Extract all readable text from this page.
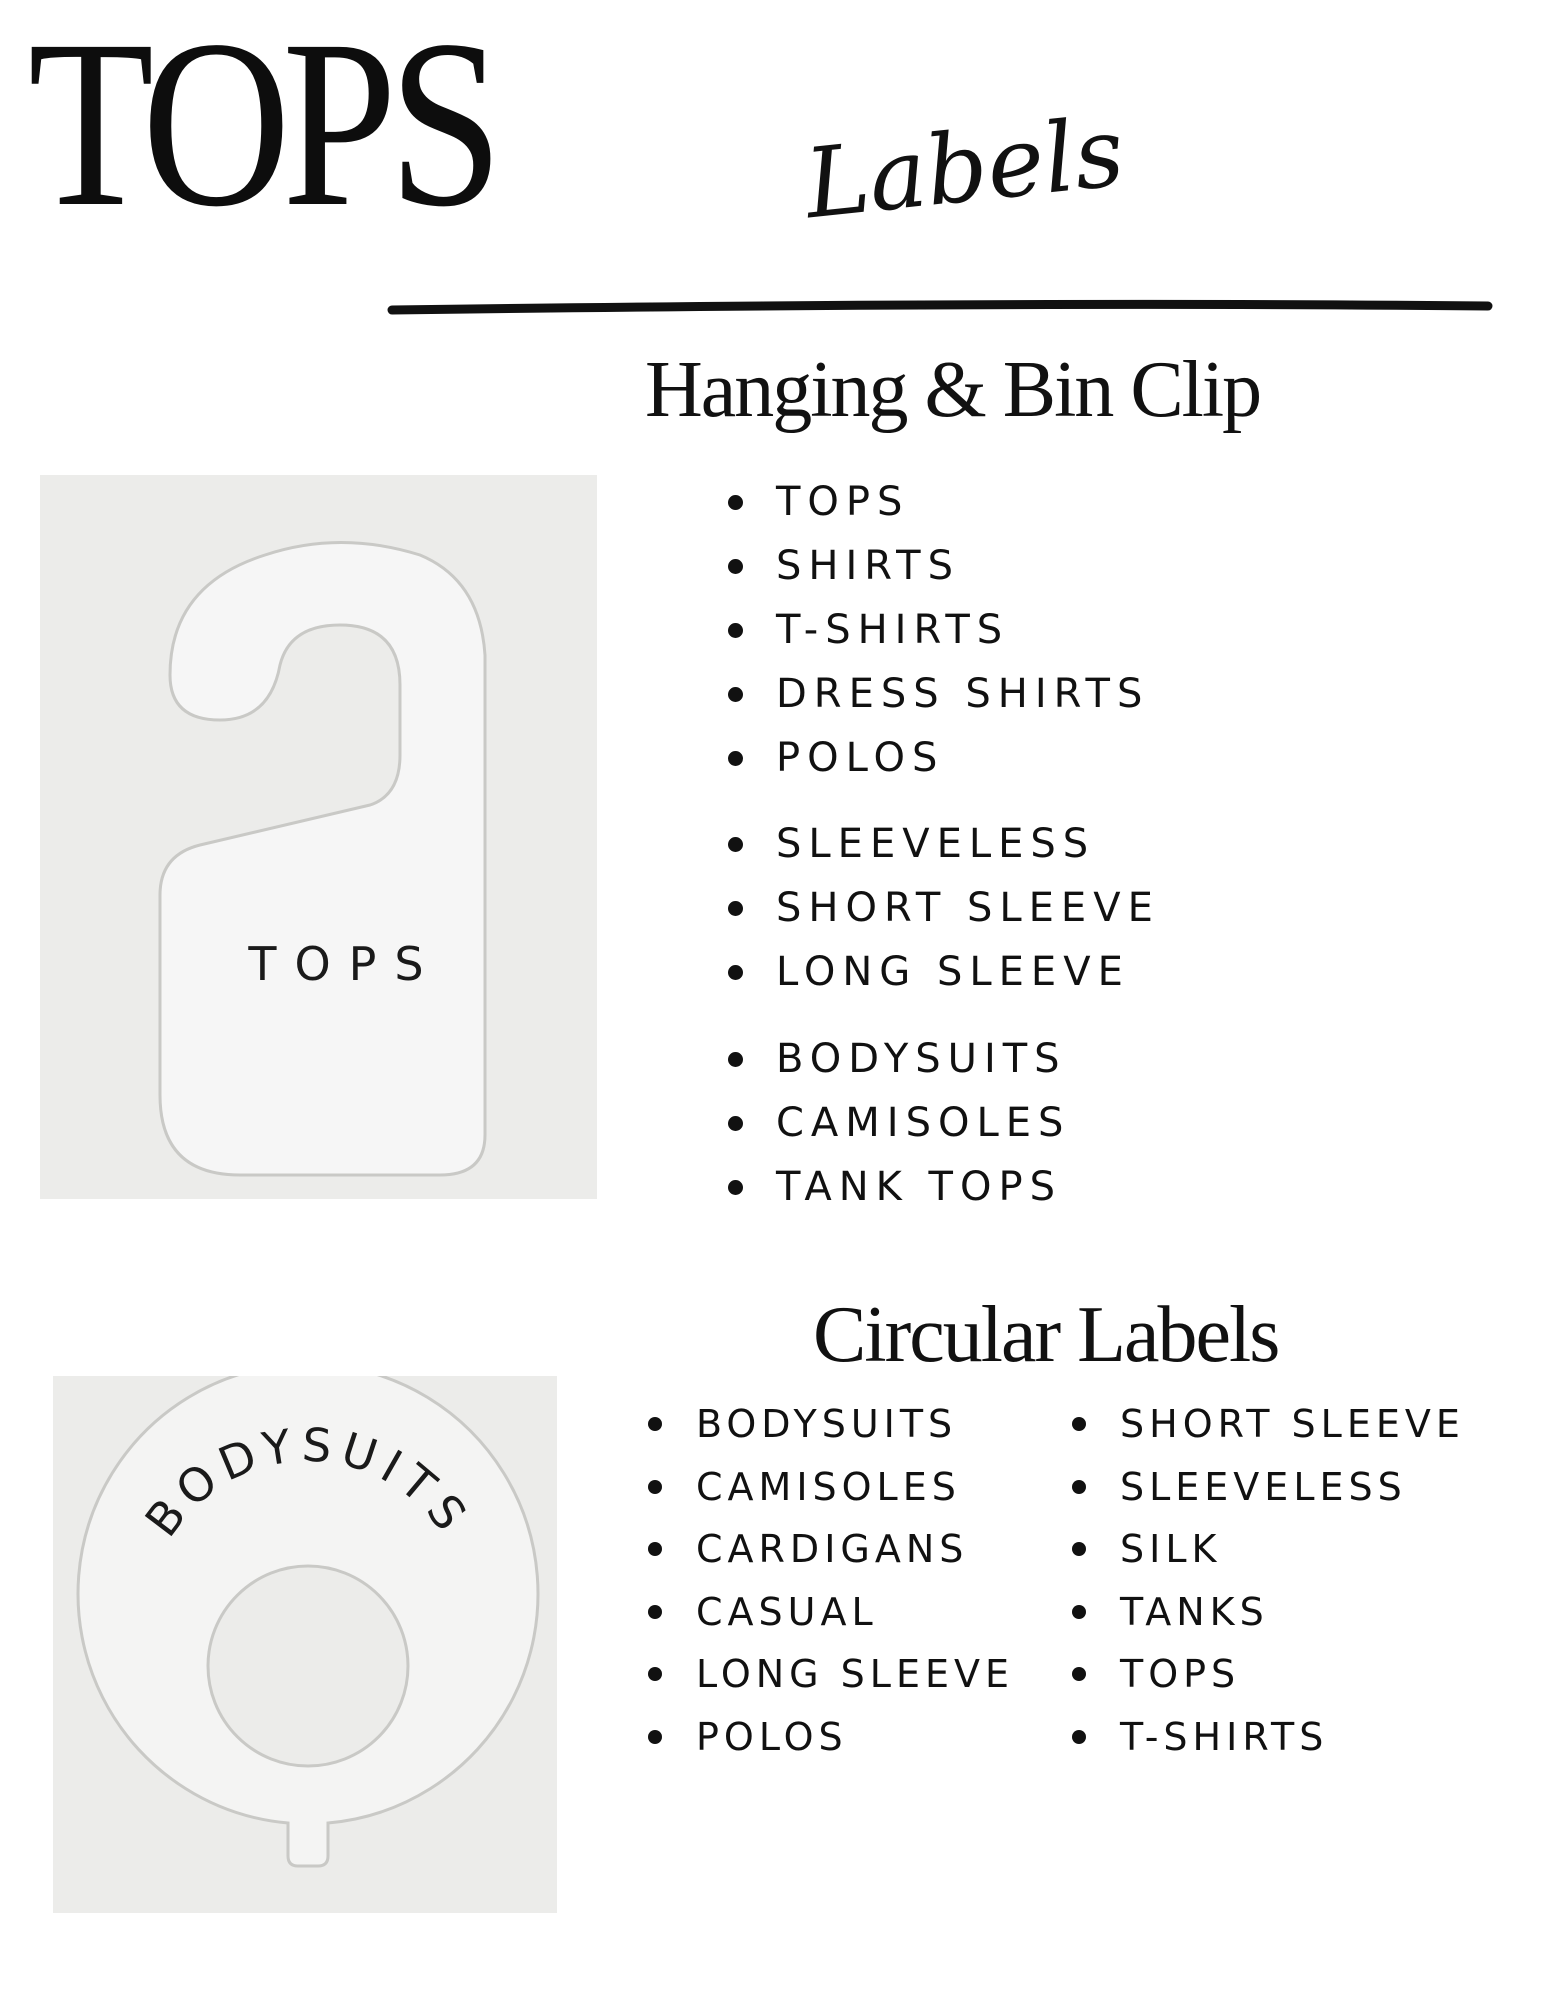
TOPS	Labels
Hanging & Bin Clip
TOPS
TOPS
SHIRTS
T-SHIRTS
DRESS SHIRTS
POLOS
SLEEVELESS
SHORT SLEEVE
LONG SLEEVE
BODYSUITS
CAMISOLES
TANK TOPS
Circular Labels
BODYSUITS
BODYSUITS
CAMISOLES
CARDIGANS
CASUAL
LONG SLEEVE
POLOS
SHORT SLEEVE
SLEEVELESS
SILK
TANKS
TOPS
T-SHIRTS
